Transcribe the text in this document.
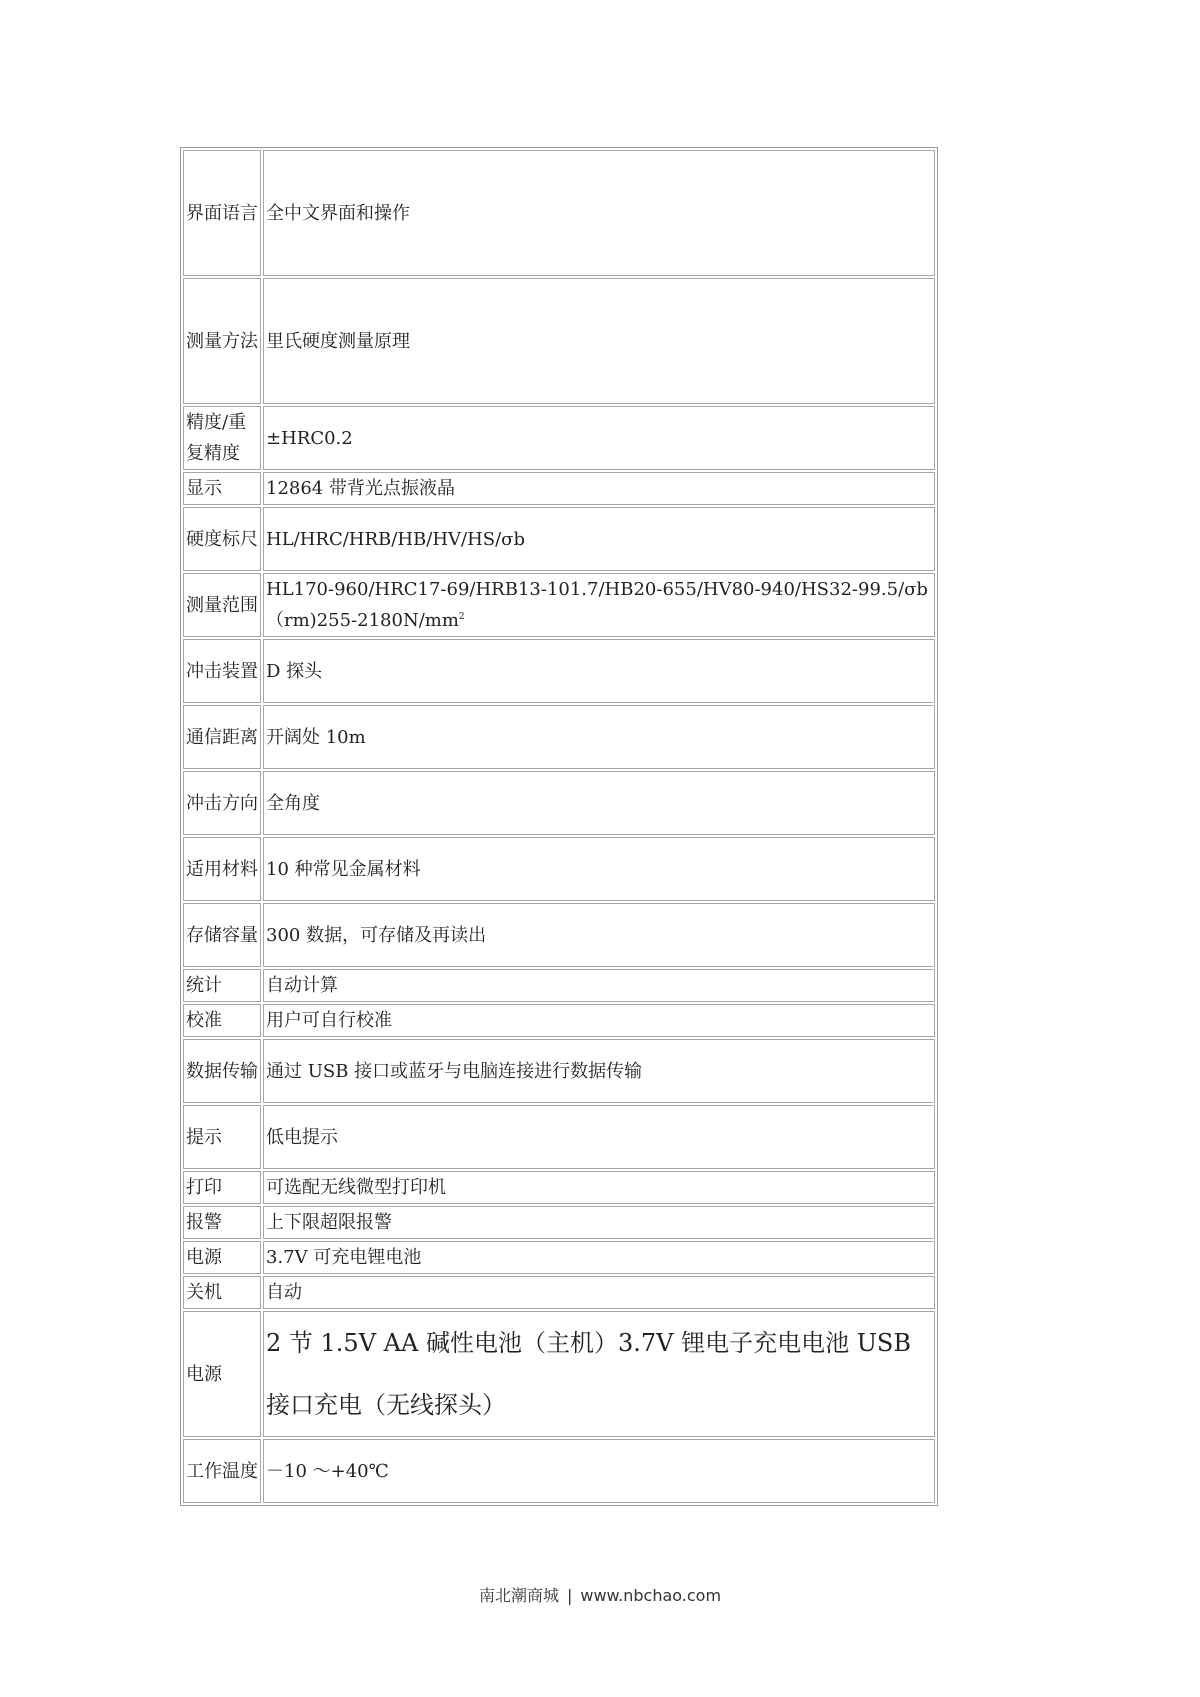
界面语言	全中文界面和操作
测量方法	里氏硬度测量原理
精度/重复精度	±HRC0.2
显示	12864 带背光点振液晶
硬度标尺	HL/HRC/HRB/HB/HV/HS/σb
测量范围	$HL170-960/HRC17-69/HRB13-101.7/HB20-655/HV80-940/HS32-99.5/\sigma b(rm)255-2180N/mm^2$
冲击装置	D 探头
通信距离	开阔处 10m
冲击方向	全角度
适用材料	10 种常见金属材料
存储容量	300 数据，可存储及再读出
统计	自动计算
校准	用户可自行校准
数据传输	通过 USB 接口或蓝牙与电脑连接进行数据传输
提示	低电提示
打印	可选配无线微型打印机
报警	上下限超限报警
电源	3.7V 可充电锂电池
关机	自动
电源	2 节 1.5V AA 碱性电池（主机）3.7V 锂电子充电电池 USB 接口充电（无线探头）
工作温度	－10 ～+40℃
南北潮商城 | www.nbchao.com
